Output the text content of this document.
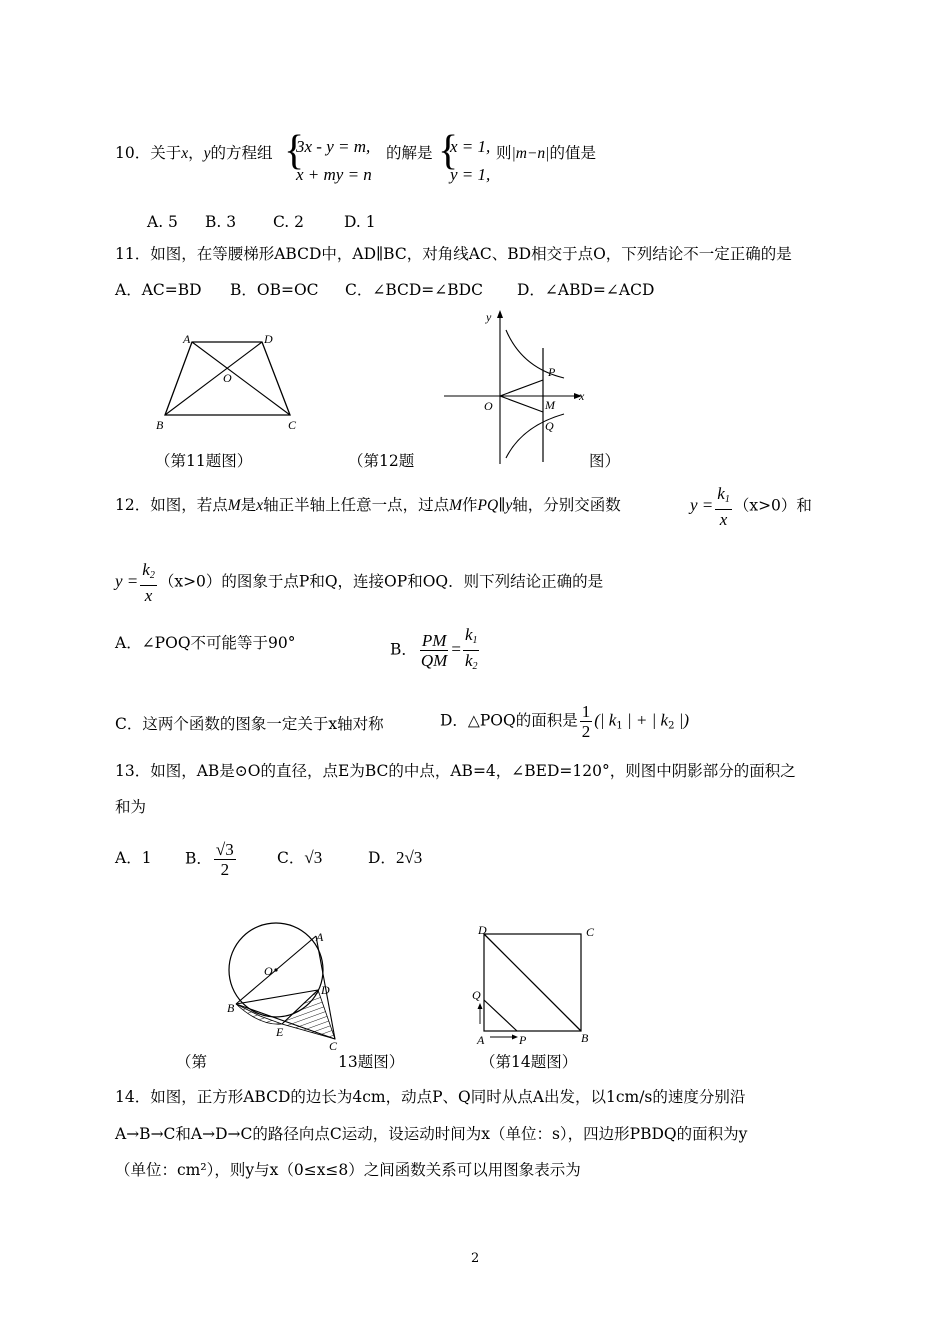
10．关于x，y的方程组 {
3x - y = m,
x + my = n
的解是 {
x = 1,
y = 1,
则|m−n|的值是
A. 5 B. 3 C. 2	D. 1
11．如图，在等腰梯形ABCD中，AD∥BC，对角线AC、BD相交于点O，下列结论不一定正确的是
A．AC=BD B．OB=OC C．∠BCD=∠BDC D．∠ABD=∠ACD
A	D
O
B	C
（第11题图）
y
x
O
P
M
Q
（第12题	图）
12．如图，若点M是x轴正半轴上任意一点，过点M作PQ∥y轴，分别交函数	$y = \frac{k_1}{x} (x>0)$和
$y = \frac{k_2}{x} (x>0)$的图象于点P和Q，连接OP和OQ．则下列结论正确的是
A．∠POQ不可能等于90°	B． $\frac{PM}{QM} = \frac{k_1}{k_2}$
C．这两个函数的图象一定关于x轴对称	D．△POQ的面积是 $\frac{1}{2}$ (| $k_1$ | + | $k_2$ |)
13．如图，AB是⊙O的直径，点E为BC的中点，AB=4，∠BED=120°，则图中阴影部分的面积之
和为
A．1 B． $\frac{√3}{2}$	C．√3	D．2√3
A
O
D
B
E
C
（第	13题图）
D	C
Q
A	P	B
（第14题图）
14．如图，正方形ABCD的边长为4cm，动点P、Q同时从点A出发，以1cm/s的速度分别沿
A→B→C和A→D→C的路径向点C运动，设运动时间为x（单位：s），四边形PBDQ的面积为y
（单位：cm²），则y与x（0≤x≤8）之间函数关系可以用图象表示为
2
